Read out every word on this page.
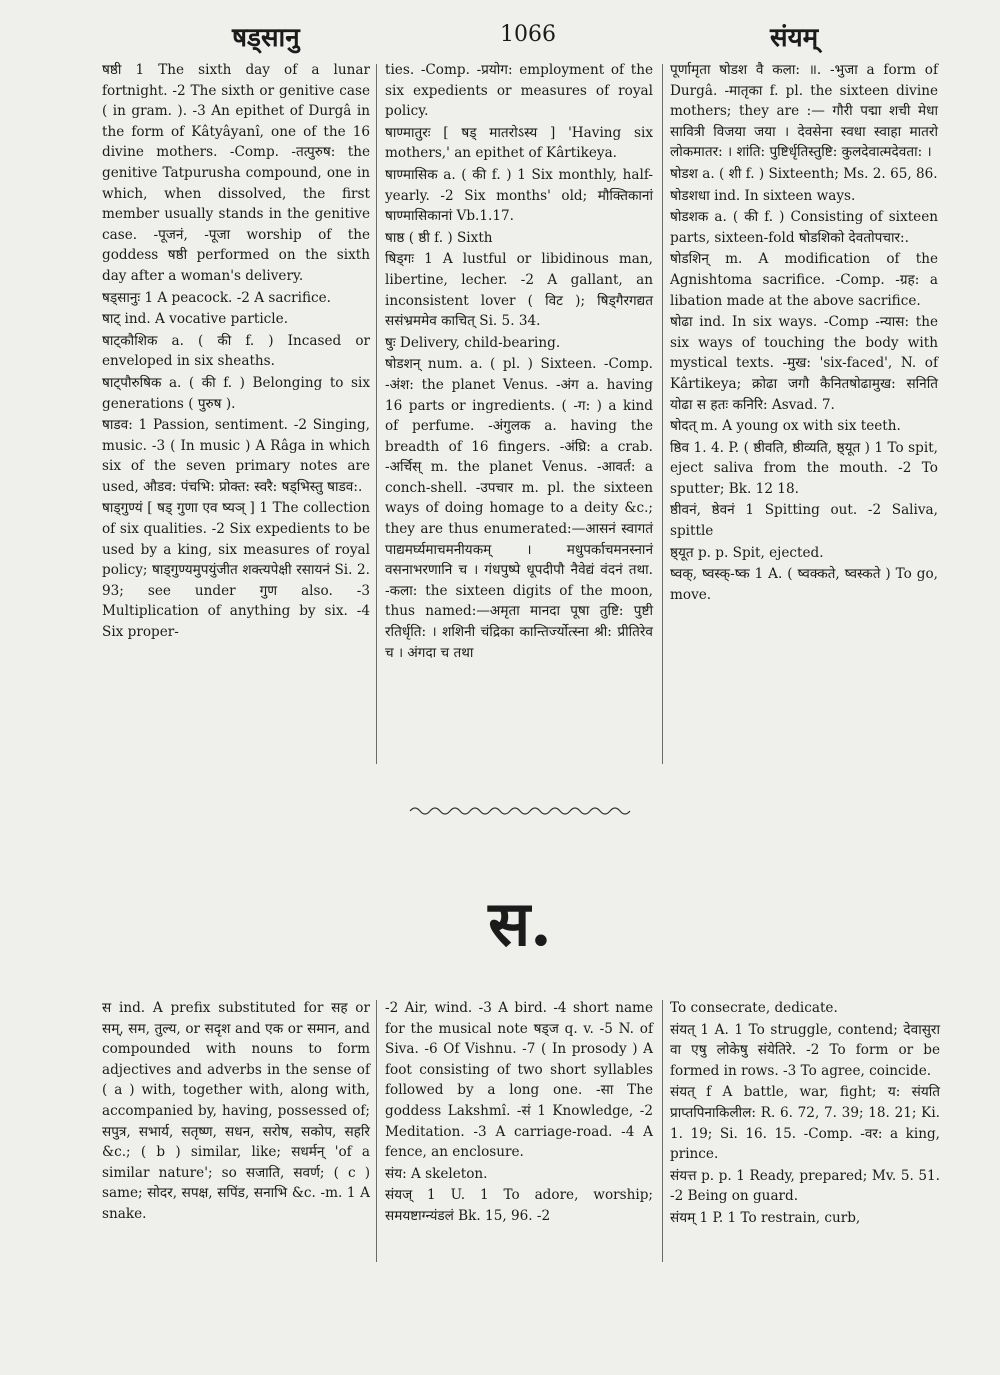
षड्सानु	1066	संयम्

षष्ठी 1 The sixth day of a lunar fortnight. -2 The sixth or genitive case ( in gram. ). -3 An epithet of Durgâ in the form of Kâtyâyanî, one of the 16 divine mothers. -Comp. -तत्पुरुष: the genitive Tatpurusha compound, one in which, when dissolved, the first member usually stands in the genitive case. -पूजनं, -पूजा worship of the goddess षष्ठी performed on the sixth day after a woman's delivery.

षड्सानुः 1 A peacock. -2 A sacrifice.

षाट् ind. A vocative particle.

षाट्कौशिक a. ( की f. ) Incased or enveloped in six sheaths.

षाट्पौरुषिक a. ( की f. ) Belonging to six generations ( पुरुष ).

षाडव: 1 Passion, sentiment. -2 Singing, music. -3 ( In music ) A Râga in which six of the seven primary notes are used, औडव: पंचभि: प्रोक्त: स्वरै: षड्भिस्तु षाडव:.

षाड्गुण्यं [ षड् गुणा एव ष्यञ् ] 1 The collection of six qualities. -2 Six expedients to be used by a king, six measures of royal policy; षाड्गुण्यमुपयुंजीत शक्त्यपेक्षी रसायनं Si. 2. 93; see under गुण also. -3 Multiplication of anything by six. -4 Six proper-

ties. -Comp. -प्रयोग: employment of the six expedients or measures of royal policy.

षाण्मातुरः [ षड् मातरोऽस्य ] 'Having six mothers,' an epithet of Kârtikeya.

षाण्मासिक a. ( की f. ) 1 Six monthly, half-yearly. -2 Six months' old; मौक्तिकानां षाण्मासिकानां Vb.1.17.

षाष्ठ ( ष्ठी f. ) Sixth

षिड्गः 1 A lustful or libidinous man, libertine, lecher. -2 A gallant, an inconsistent lover ( विट ); षिड्गैरगद्यत ससंभ्रममेव काचित् Si. 5. 34.

षुः Delivery, child-bearing.

षोडशन् num. a. ( pl. ) Sixteen. -Comp. -अंश: the planet Venus. -अंग a. having 16 parts or ingredients. ( -ग: ) a kind of perfume. -अंगुलक a. having the breadth of 16 fingers. -अंघ्रि: a crab. -अर्चिस् m. the planet Venus. -आवर्त: a conch-shell. -उपचार m. pl. the sixteen ways of doing homage to a deity &c.; they are thus enumerated:—आसनं स्वागतं पाद्यमर्घ्यमाचमनीयकम् । मधुपर्काचमनस्नानं वसनाभरणानि च । गंधपुष्पे धूपदीपौ नैवेद्यं वंदनं तथा. -कला: the sixteen digits of the moon, thus named:—अमृता मानदा पूषा तुष्टि: पुष्टी रतिर्धृति: । शशिनी चंद्रिका कान्तिर्ज्योत्स्ना श्री: प्रीतिरेव च । अंगदा च तथा

पूर्णामृता षोडश वै कला: ॥. -भुजा a form of Durgâ. -मातृका f. pl. the sixteen divine mothers; they are :— गौरी पद्मा शची मेधा सावित्री विजया जया । देवसेना स्वधा स्वाहा मातरो लोकमातर: । शांति: पुष्टिर्धृतिस्तुष्टि: कुलदेवात्मदेवता: ।

षोडश a. ( शी f. ) Sixteenth; Ms. 2. 65, 86.

षोडशधा ind. In sixteen ways.

षोडशक a. ( की f. ) Consisting of sixteen parts, sixteen-fold षोडशिको देवतोपचार:.

षोडशिन् m. A modification of the Agnishtoma sacrifice. -Comp. -ग्रह: a libation made at the above sacrifice.

षोढा ind. In six ways. -Comp -न्यास: the six ways of touching the body with mystical texts. -मुख: 'six-faced', N. of Kârtikeya; क्रोढा जगौ कैनितषोढामुख: सनिति योढा स हतः कनिरि: Asvad. 7.

षोदत् m. A young ox with six teeth.

ष्ठिव 1. 4. P. ( ष्ठीवति, ष्ठीव्यति, ष्ठ्यूत ) 1 To spit, eject saliva from the mouth. -2 To sputter; Bk. 12 18.

ष्ठीवनं, ष्ठेवनं 1 Spitting out. -2 Saliva, spittle

ष्ठ्यूत p. p. Spit, ejected.

ष्वक्, ष्वस्क्-ष्क 1 A. ( ष्वक्कते, ष्वस्कते ) To go, move.

स.

स ind. A prefix substituted for सह or सम्, सम, तुल्य, or सदृश and एक or समान, and compounded with nouns to form adjectives and adverbs in the sense of ( a ) with, together with, along with, accompanied by, having, possessed of; सपुत्र, सभार्य, सतृष्ण, सधन, सरोष, सकोप, सहरि &c.; ( b ) similar, like; सधर्मन् 'of a similar nature'; so सजाति, सवर्ण; ( c ) same; सोदर, सपक्ष, सपिंड, सनाभि &c. -m. 1 A snake.

-2 Air, wind. -3 A bird. -4 short name for the musical note षड्ज q. v. -5 N. of Siva. -6 Of Vishnu. -7 ( In prosody ) A foot consisting of two short syllables followed by a long one. -सा The goddess Lakshmî. -सं 1 Knowledge, -2 Meditation. -3 A carriage-road. -4 A fence, an enclosure.

संय: A skeleton.

संयज् 1 U. 1 To adore, worship; समयष्टाग्न्यंडलं Bk. 15, 96. -2

To consecrate, dedicate.

संयत् 1 A. 1 To struggle, contend; देवासुरा वा एषु लोकेषु संयेतिरे. -2 To form or be formed in rows. -3 To agree, coincide.

संयत् f A battle, war, fight; य: संयति प्राप्तपिनाकिलील: R. 6. 72, 7. 39; 18. 21; Ki. 1. 19; Si. 16. 15. -Comp. -वर: a king, prince.

संयत्त p. p. 1 Ready, prepared; Mv. 5. 51. -2 Being on guard.

संयम् 1 P. 1 To restrain, curb,
